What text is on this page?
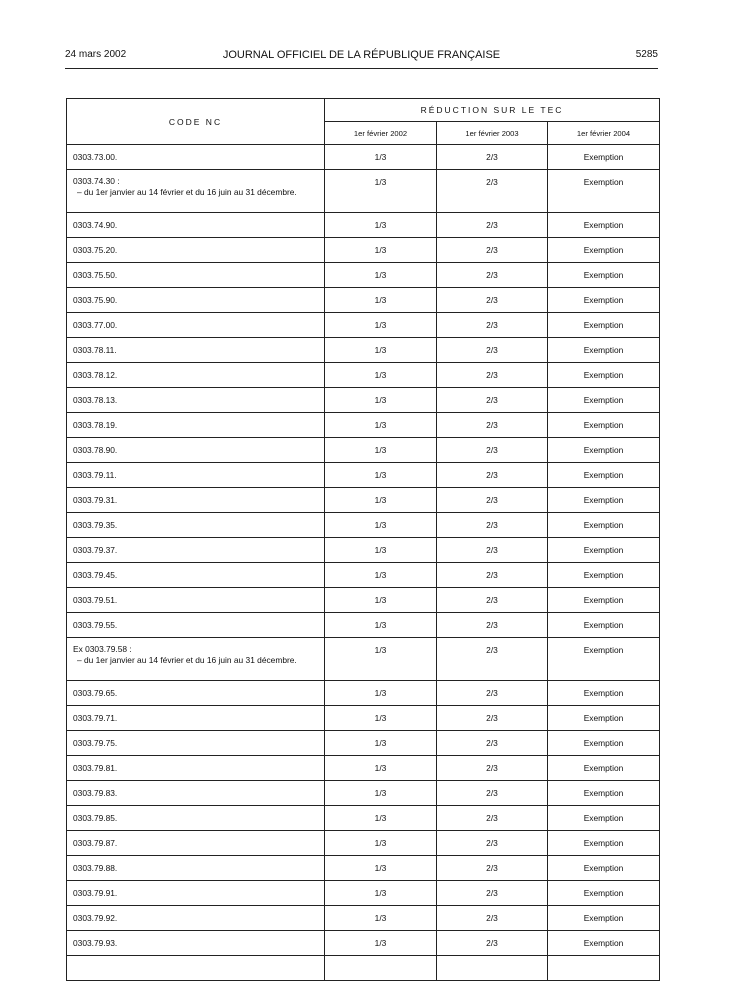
24 mars 2002	JOURNAL OFFICIEL DE LA RÉPUBLIQUE FRANÇAISE	5285
CODE NC	RÉDUCTION SUR LE TEC		
	1er février 2002	1er février 2003	1er février 2004
0303.73.00.	1/3	2/3	Exemption
0303.74.30 :
– du 1er janvier au 14 février et du 16 juin au 31 décembre.	1/3	2/3	Exemption
0303.74.90.	1/3	2/3	Exemption
0303.75.20.	1/3	2/3	Exemption
0303.75.50.	1/3	2/3	Exemption
0303.75.90.	1/3	2/3	Exemption
0303.77.00.	1/3	2/3	Exemption
0303.78.11.	1/3	2/3	Exemption
0303.78.12.	1/3	2/3	Exemption
0303.78.13.	1/3	2/3	Exemption
0303.78.19.	1/3	2/3	Exemption
0303.78.90.	1/3	2/3	Exemption
0303.79.11.	1/3	2/3	Exemption
0303.79.31.	1/3	2/3	Exemption
0303.79.35.	1/3	2/3	Exemption
0303.79.37.	1/3	2/3	Exemption
0303.79.45.	1/3	2/3	Exemption
0303.79.51.	1/3	2/3	Exemption
0303.79.55.	1/3	2/3	Exemption
Ex 0303.79.58 :
– du 1er janvier au 14 février et du 16 juin au 31 décembre.	1/3	2/3	Exemption
0303.79.65.	1/3	2/3	Exemption
0303.79.71.	1/3	2/3	Exemption
0303.79.75.	1/3	2/3	Exemption
0303.79.81.	1/3	2/3	Exemption
0303.79.83.	1/3	2/3	Exemption
0303.79.85.	1/3	2/3	Exemption
0303.79.87.	1/3	2/3	Exemption
0303.79.88.	1/3	2/3	Exemption
0303.79.91.	1/3	2/3	Exemption
0303.79.92.	1/3	2/3	Exemption
0303.79.93.	1/3	2/3	Exemption
